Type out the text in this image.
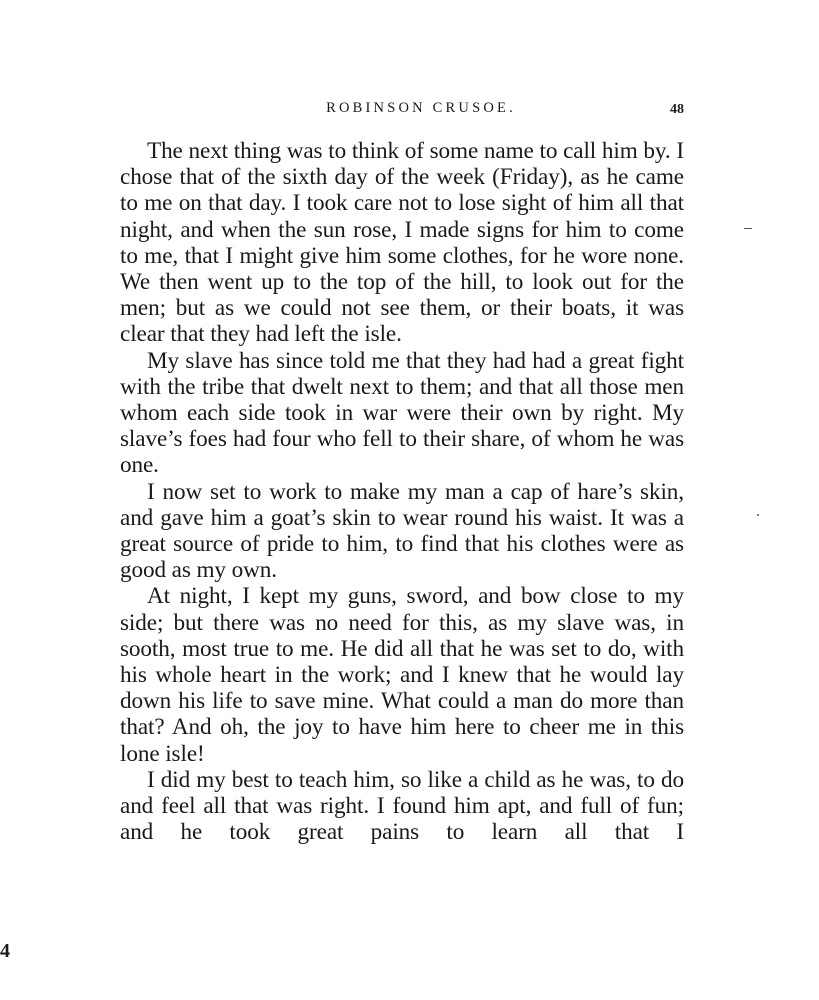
ROBINSON CRUSOE.	48

The next thing was to think of some name to call him by. I chose that of the sixth day of the week (Friday), as he came to me on that day. I took care not to lose sight of him all that night, and when the sun rose, I made signs for him to come to me, that I might give him some clothes, for he wore none. We then went up to the top of the hill, to look out for the men; but as we could not see them, or their boats, it was clear that they had left the isle.

My slave has since told me that they had had a great fight with the tribe that dwelt next to them; and that all those men whom each side took in war were their own by right. My slave’s foes had four who fell to their share, of whom he was one.

I now set to work to make my man a cap of hare’s skin, and gave him a goat’s skin to wear round his waist. It was a great source of pride to him, to find that his clothes were as good as my own.

At night, I kept my guns, sword, and bow close to my side; but there was no need for this, as my slave was, in sooth, most true to me. He did all that he was set to do, with his whole heart in the work; and I knew that he would lay down his life to save mine. What could a man do more than that? And oh, the joy to have him here to cheer me in this lone isle!

I did my best to teach him, so like a child as he was, to do and feel all that was right. I found him apt, and full of fun; and he took great pains to learn all that I

4
